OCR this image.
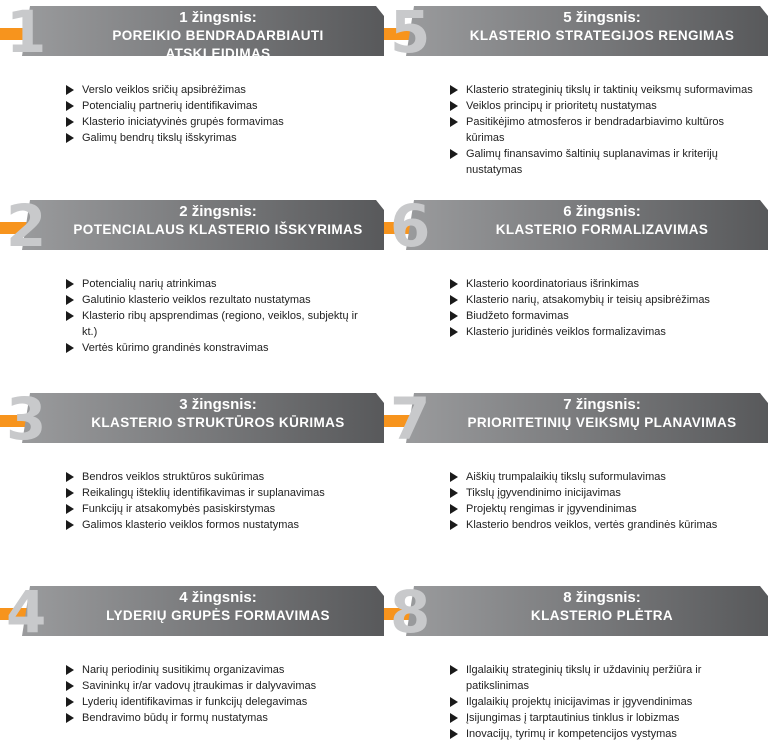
1	1 žingsnis:
POREIKIO BENDRADARBIAUTI ATSKLEIDIMAS
Verslo veiklos sričių apsibrėžimas
Potencialių partnerių identifikavimas
Klasterio iniciatyvinės grupės formavimas
Galimų bendrų tikslų išskyrimas
5	5 žingsnis:
KLASTERIO STRATEGIJOS RENGIMAS
Klasterio strateginių tikslų ir taktinių veiksmų suformavimas
Veiklos principų ir prioritetų nustatymas
Pasitikėjimo atmosferos ir bendradarbiavimo kultūros kūrimas
Galimų finansavimo šaltinių suplanavimas ir kriterijų nustatymas
2	2 žingsnis:
POTENCIALAUS KLASTERIO IŠSKYRIMAS
Potencialių narių atrinkimas
Galutinio klasterio veiklos rezultato nustatymas
Klasterio ribų apsprendimas (regiono, veiklos, subjektų ir kt.)
Vertės kūrimo grandinės konstravimas
6	6 žingsnis:
KLASTERIO FORMALIZAVIMAS
Klasterio koordinatoriaus išrinkimas
Klasterio narių, atsakomybių ir teisių apsibrėžimas
Biudžeto formavimas
Klasterio juridinės veiklos formalizavimas
3	3 žingsnis:
KLASTERIO STRUKTŪROS KŪRIMAS
Bendros veiklos struktūros sukūrimas
Reikalingų išteklių identifikavimas ir suplanavimas
Funkcijų ir atsakomybės pasiskirstymas
Galimos klasterio veiklos formos nustatymas
7	7 žingsnis:
PRIORITETINIŲ VEIKSMŲ PLANAVIMAS
Aiškių trumpalaikių tikslų suformulavimas
Tikslų įgyvendinimo inicijavimas
Projektų rengimas ir įgyvendinimas
Klasterio bendros veiklos, vertės grandinės kūrimas
4	4 žingsnis:
LYDERIŲ GRUPĖS FORMAVIMAS
Narių periodinių susitikimų organizavimas
Savininkų ir/ar vadovų įtraukimas ir dalyvavimas
Lyderių identifikavimas ir funkcijų delegavimas
Bendravimo būdų ir formų nustatymas
8	8 žingsnis:
KLASTERIO PLĖTRA
Ilgalaikių strateginių tikslų ir uždavinių peržiūra ir patikslinimas
Ilgalaikių projektų inicijavimas ir įgyvendinimas
Įsijungimas į tarptautinius tinklus ir lobizmas
Inovacijų, tyrimų ir kompetencijos vystymas
